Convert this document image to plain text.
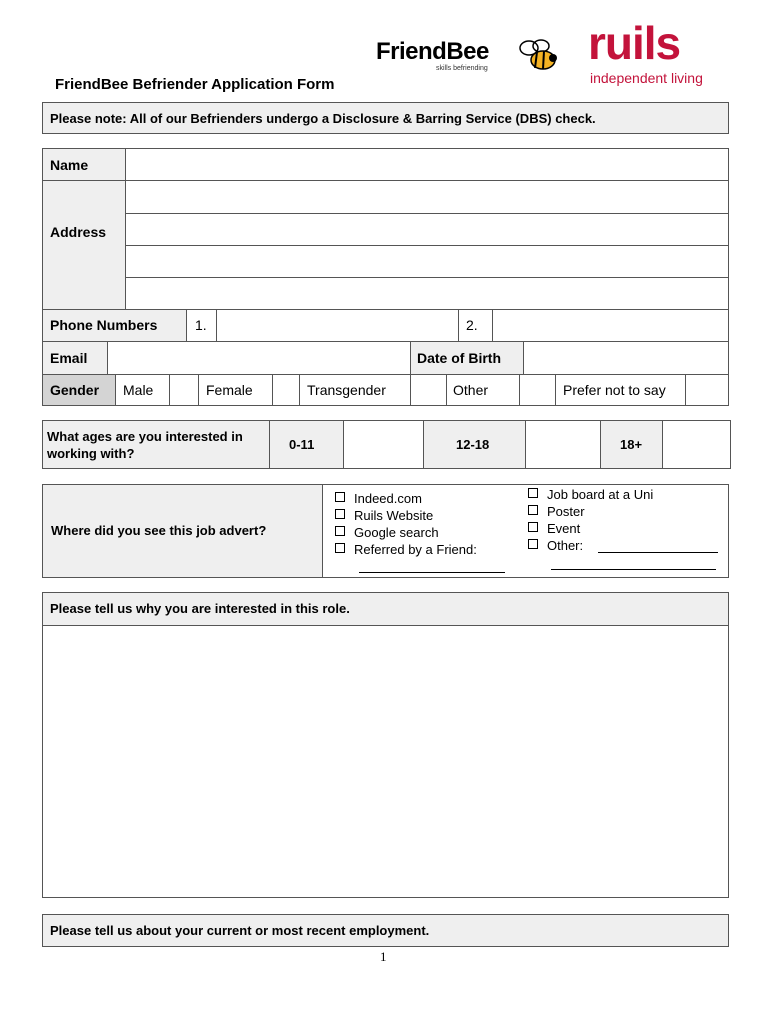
FriendBee
skills befriending ruils
independent living
FriendBee Befriender Application Form
Please note: All of our Befrienders undergo a Disclosure & Barring Service (DBS) check.
Name
Address
Phone Numbers	1.	2.
Email	Date of Birth
Gender Male	Female	Transgender	Other	Prefer not to say
What ages are you interested in working with?
0-11	12-18	18+
Where did you see this job advert?
Indeed.com
Ruils Website
Google search
Referred by a Friend:
Job board at a Uni
Poster
Event
Other:
Please tell us why you are interested in this role.
Please tell us about your current or most recent employment.
1
